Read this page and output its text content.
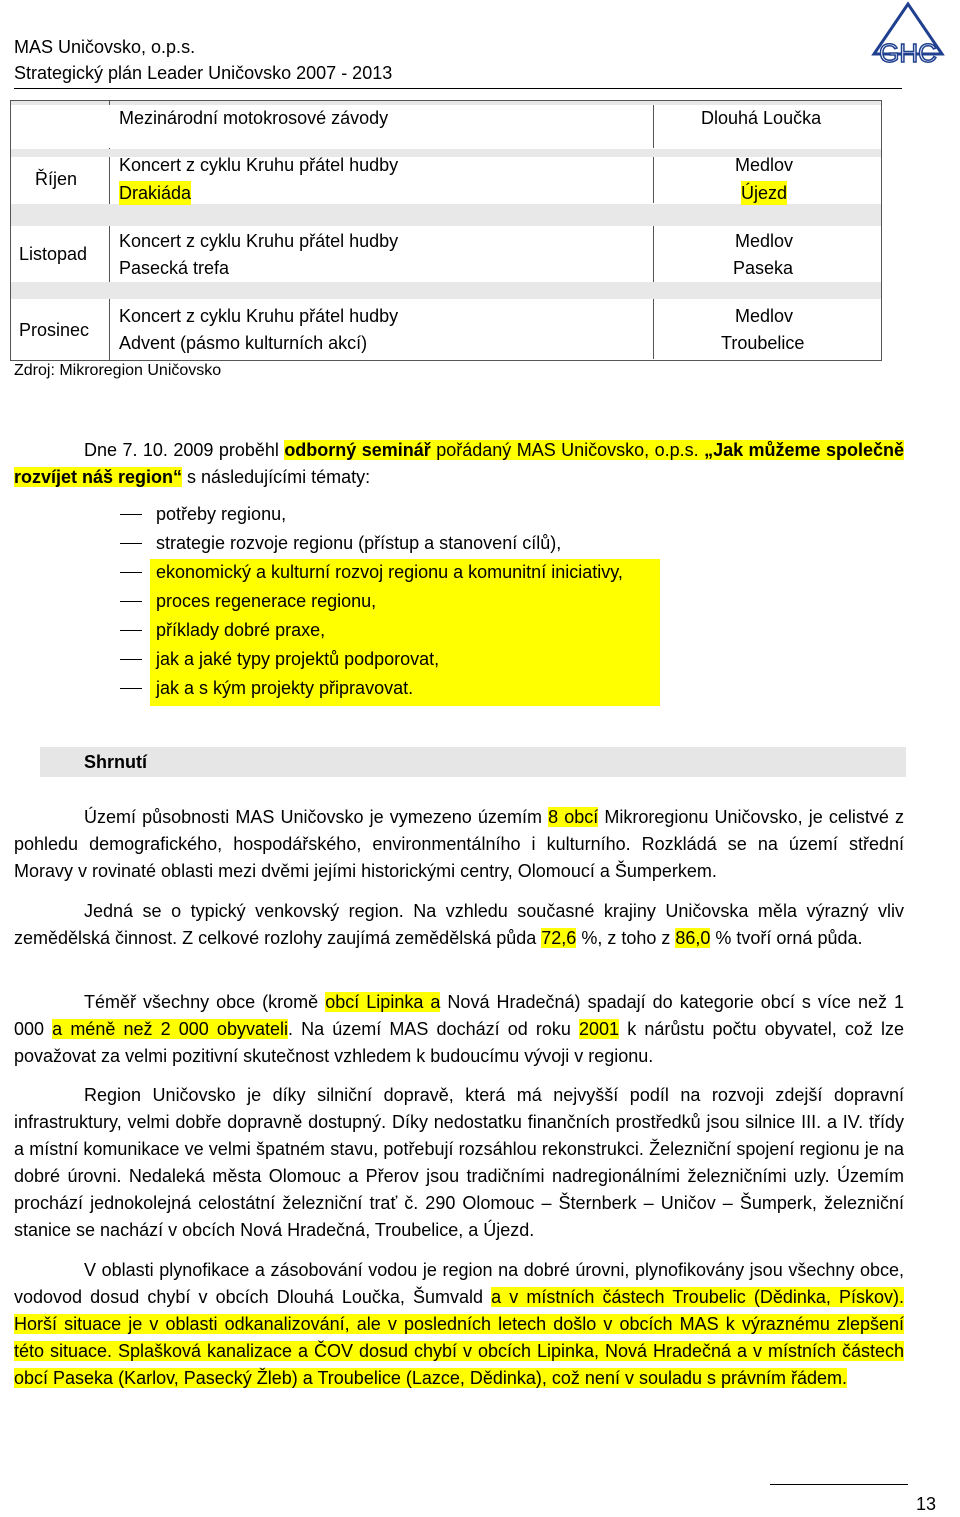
MAS Uničovsko, o.p.s.
Strategický plán Leader Uničovsko 2007 - 2013
GHC
Mezinárodní motokrosové závody	Dlouhá Loučka
Říjen
Koncert z cyklu Kruhu přátel hudby
Drakiáda
Medlov
Újezd
Listopad
Koncert z cyklu Kruhu přátel hudby
Pasecká trefa
Medlov
Paseka
Prosinec
Koncert z cyklu Kruhu přátel hudby
Advent (pásmo kulturních akcí)
Medlov
Troubelice
Zdroj: Mikroregion Uničovsko
Dne 7. 10. 2009 proběhl odborný seminář pořádaný MAS Uničovsko, o.p.s. „Jak můžeme společně rozvíjet náš region“ s následujícími tématy:
potřeby regionu,
strategie rozvoje regionu (přístup a stanovení cílů),
ekonomický a kulturní rozvoj regionu a komunitní iniciativy,
proces regenerace regionu,
příklady dobré praxe,
jak a jaké typy projektů podporovat,
jak a s kým projekty připravovat.
Shrnutí
Území působnosti MAS Uničovsko je vymezeno územím 8 obcí Mikroregionu Uničovsko, je celistvé z pohledu demografického, hospodářského, environmentálního i kulturního. Rozkládá se na území střední Moravy v rovinaté oblasti mezi dvěmi jejími historickými centry, Olomoucí a Šumperkem.
Jedná se o typický venkovský region. Na vzhledu současné krajiny Uničovska měla výrazný vliv zemědělská činnost. Z celkové rozlohy zaujímá zemědělská půda 72,6 %, z toho z 86,0 % tvoří orná půda.
Téměř všechny obce (kromě obcí Lipinka a Nová Hradečná) spadají do kategorie obcí s více než 1 000 a méně než 2 000 obyvateli. Na území MAS dochází od roku 2001 k nárůstu počtu obyvatel, což lze považovat za velmi pozitivní skutečnost vzhledem k budoucímu vývoji v regionu.
Region Uničovsko je díky silniční dopravě, která má nejvyšší podíl na rozvoji zdejší dopravní infrastruktury, velmi dobře dopravně dostupný. Díky nedostatku finančních prostředků jsou silnice III. a IV. třídy a místní komunikace ve velmi špatném stavu, potřebují rozsáhlou rekonstrukci. Železniční spojení regionu je na dobré úrovni. Nedaleká města Olomouc a Přerov jsou tradičními nadregionálními železničními uzly. Územím prochází jednokolejná celostátní železniční trať č. 290 Olomouc – Šternberk – Uničov – Šumperk, železniční stanice se nachází v obcích Nová Hradečná, Troubelice, a Újezd.
V oblasti plynofikace a zásobování vodou je region na dobré úrovni, plynofikovány jsou všechny obce, vodovod dosud chybí v obcích Dlouhá Loučka, Šumvald a v místních částech Troubelic (Dědinka, Pískov). Horší situace je v oblasti odkanalizování, ale v posledních letech došlo v obcích MAS k výraznému zlepšení této situace. Splašková kanalizace a ČOV dosud chybí v obcích Lipinka, Nová Hradečná a v místních částech obcí Paseka (Karlov, Pasecký Žleb) a Troubelice (Lazce, Dědinka), což není v souladu s právním řádem.
13
